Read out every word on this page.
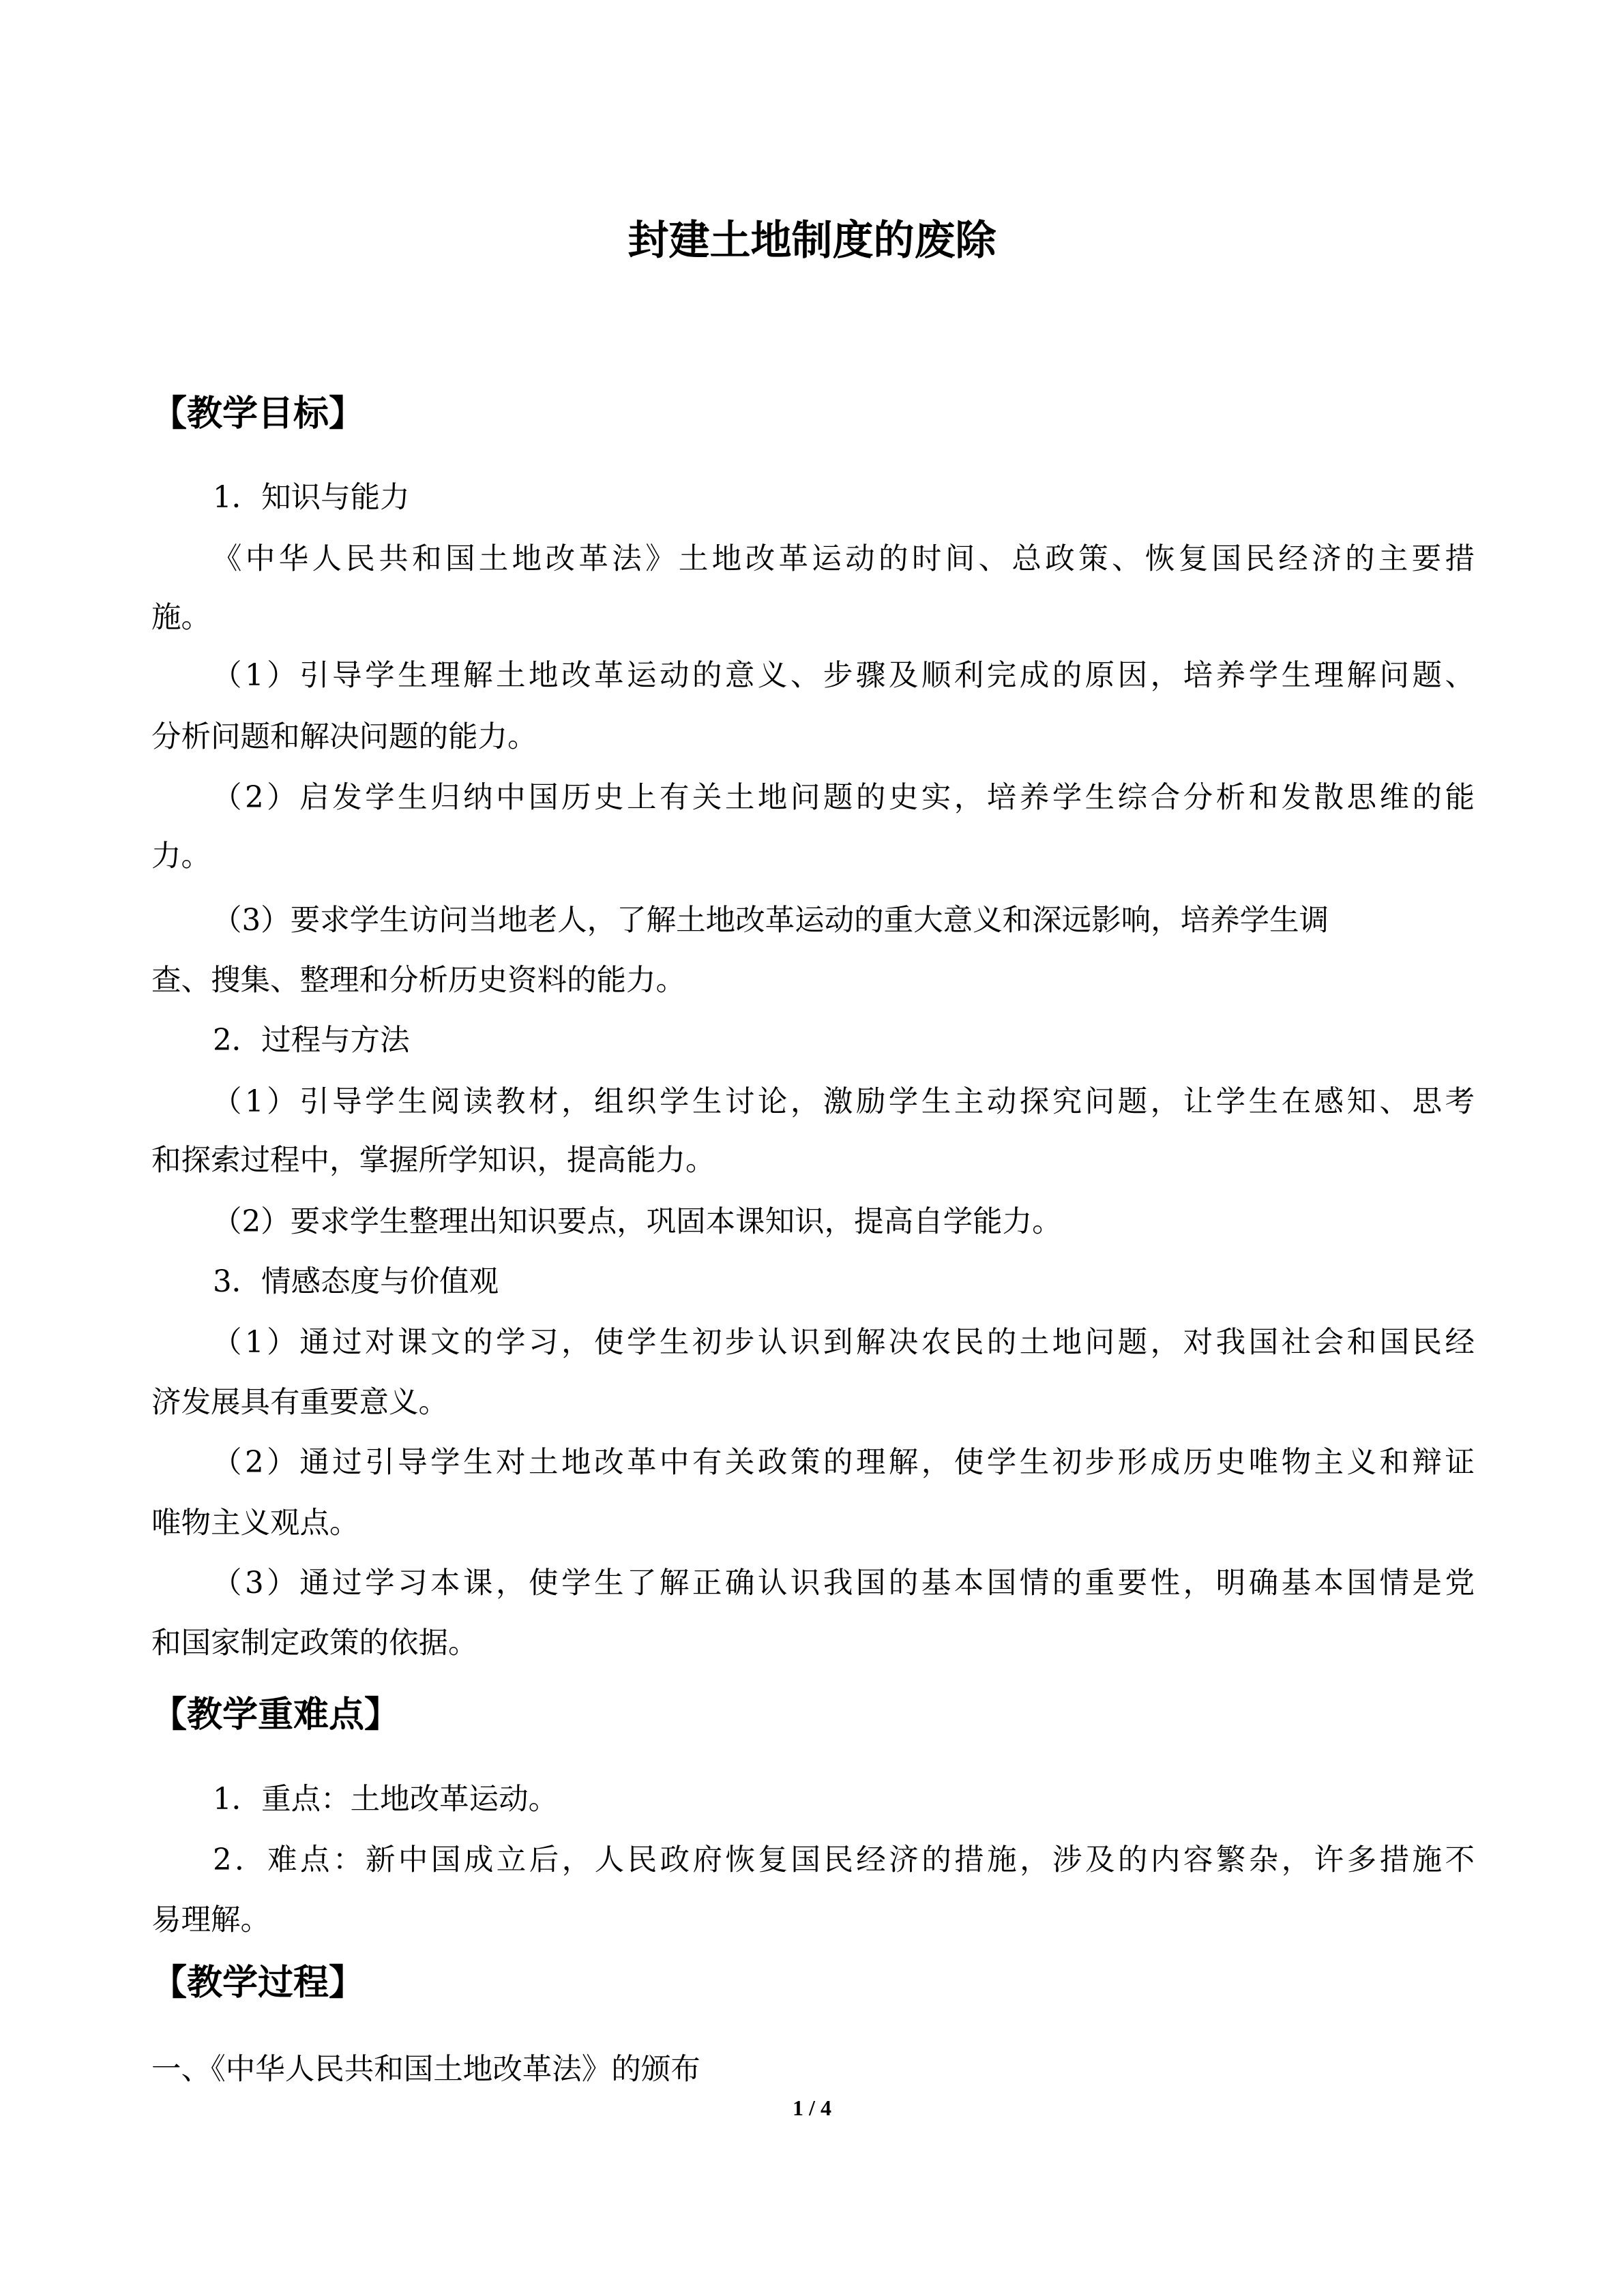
封建土地制度的废除
【教学目标】
1．知识与能力
《中华人民共和国土地改革法》土地改革运动的时间、总政策、恢复国民经济的主要措
施。
（1）引导学生理解土地改革运动的意义、步骤及顺利完成的原因，培养学生理解问题、
分析问题和解决问题的能力。
（2）启发学生归纳中国历史上有关土地问题的史实，培养学生综合分析和发散思维的能
力。
（3）要求学生访问当地老人，了解土地改革运动的重大意义和深远影响，培养学生调
查、搜集、整理和分析历史资料的能力。
2．过程与方法
（1）引导学生阅读教材，组织学生讨论，激励学生主动探究问题，让学生在感知、思考
和探索过程中，掌握所学知识，提高能力。
（2）要求学生整理出知识要点，巩固本课知识，提高自学能力。
3．情感态度与价值观
（1）通过对课文的学习，使学生初步认识到解决农民的土地问题，对我国社会和国民经
济发展具有重要意义。
（2）通过引导学生对土地改革中有关政策的理解，使学生初步形成历史唯物主义和辩证
唯物主义观点。
（3）通过学习本课，使学生了解正确认识我国的基本国情的重要性，明确基本国情是党
和国家制定政策的依据。
【教学重难点】
1．重点：土地改革运动。
2．难点：新中国成立后，人民政府恢复国民经济的措施，涉及的内容繁杂，许多措施不
易理解。
【教学过程】
一、《中华人民共和国土地改革法》的颁布
1 / 4
